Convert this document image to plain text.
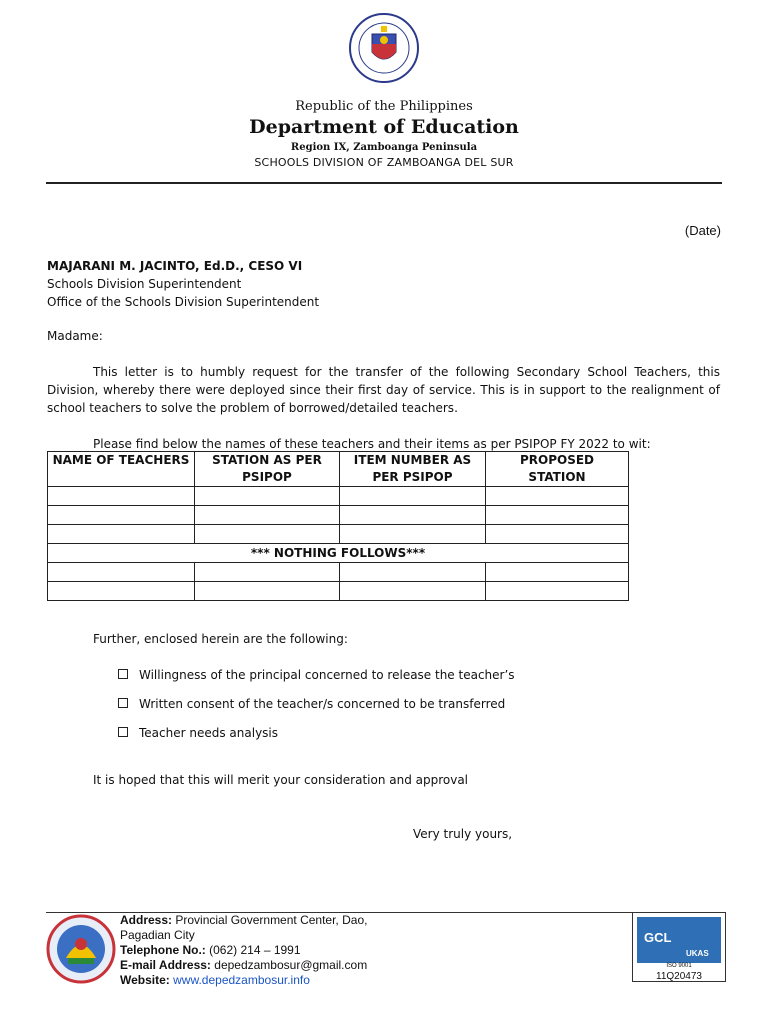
Republic of the Philippines
Department of Education
Region IX, Zamboanga Peninsula
SCHOOLS DIVISION OF ZAMBOANGA DEL SUR
(Date)
MAJARANI M. JACINTO, Ed.D., CESO VI
Schools Division Superintendent
Office of the Schools Division Superintendent
Madame:
This letter is to humbly request for the transfer of the following Secondary School Teachers, this Division, whereby there were deployed since their first day of service. This is in support to the realignment of school teachers to solve the problem of borrowed/detailed teachers.
Please find below the names of these teachers and their items as per PSIPOP FY 2022 to wit:
NAME OF TEACHERS	STATION AS PER PSIPOP	ITEM NUMBER AS PER PSIPOP	PROPOSED STATION

*** NOTHING FOLLOWS***			

Further, enclosed herein are the following:
Willingness of the principal concerned to release the teacher’s
Written consent of the teacher/s concerned to be transferred
Teacher needs analysis
It is hoped that this will merit your consideration and approval
Very truly yours,
Address: Provincial Government Center, Dao,
Pagadian City
Telephone No.: (062) 214 – 1991
E-mail Address: depedzambosur@gmail.com
Website: www.depedzambosur.info
GCL
UKAS
ISO 9001
11Q20473
